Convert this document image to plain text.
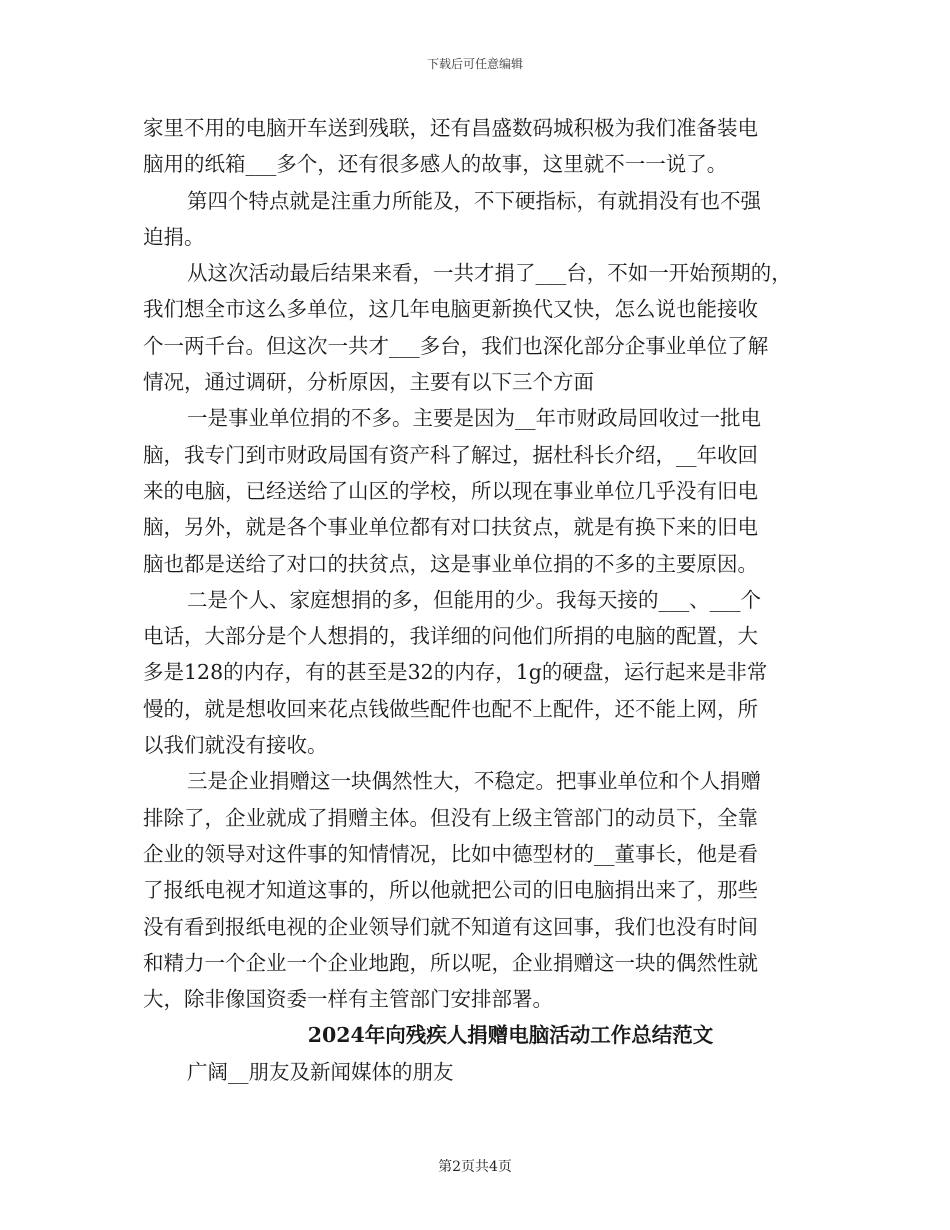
下载后可任意编辑

家里不用的电脑开车送到残联，还有昌盛数码城积极为我们准备装电
脑用的纸箱___多个，还有很多感人的故事，这里就不一一说了。

第四个特点就是注重力所能及，不下硬指标，有就捐没有也不强
迫捐。

从这次活动最后结果来看，一共才捐了___台，不如一开始预期的，
我们想全市这么多单位，这几年电脑更新换代又快，怎么说也能接收
个一两千台。但这次一共才___多台，我们也深化部分企事业单位了解
情况，通过调研，分析原因，主要有以下三个方面

一是事业单位捐的不多。主要是因为__年市财政局回收过一批电
脑，我专门到市财政局国有资产科了解过，据杜科长介绍，__年收回
来的电脑，已经送给了山区的学校，所以现在事业单位几乎没有旧电
脑，另外，就是各个事业单位都有对口扶贫点，就是有换下来的旧电
脑也都是送给了对口的扶贫点，这是事业单位捐的不多的主要原因。

二是个人、家庭想捐的多，但能用的少。我每天接的___、___个
电话，大部分是个人想捐的，我详细的问他们所捐的电脑的配置，大
多是128的内存，有的甚至是32的内存，1g的硬盘，运行起来是非常
慢的，就是想收回来花点钱做些配件也配不上配件，还不能上网，所
以我们就没有接收。

三是企业捐赠这一块偶然性大，不稳定。把事业单位和个人捐赠
排除了，企业就成了捐赠主体。但没有上级主管部门的动员下，全靠
企业的领导对这件事的知情情况，比如中德型材的__董事长，他是看
了报纸电视才知道这事的，所以他就把公司的旧电脑捐出来了，那些
没有看到报纸电视的企业领导们就不知道有这回事，我们也没有时间
和精力一个企业一个企业地跑，所以呢，企业捐赠这一块的偶然性就
大，除非像国资委一样有主管部门安排部署。

2024年向残疾人捐赠电脑活动工作总结范文

广阔__朋友及新闻媒体的朋友

第2页共4页
